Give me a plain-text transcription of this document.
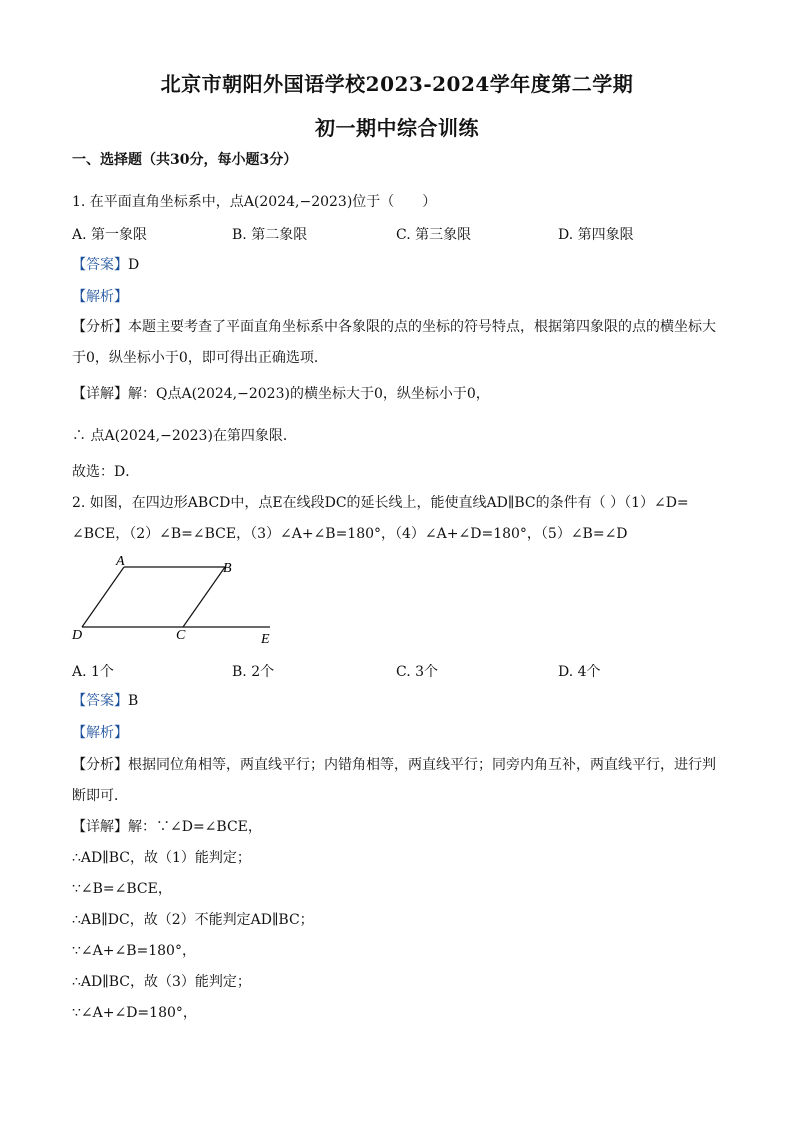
北京市朝阳外国语学校2023-2024学年度第二学期
初一期中综合训练
一、选择题（共30分，每小题3分）
1. 在平面直角坐标系中，点A(2024,−2023)位于（　　）
A. 第一象限	B. 第二象限	C. 第三象限	D. 第四象限
【答案】D
【解析】
【分析】本题主要考查了平面直角坐标系中各象限的点的坐标的符号特点，根据第四象限的点的横坐标大
于0，纵坐标小于0，即可得出正确选项．
【详解】解：Q点A(2024,−2023)的横坐标大于0，纵坐标小于0，
∴ 点A(2024,−2023)在第四象限．
故选：D．
2. 如图，在四边形ABCD中，点E在线段DC的延长线上，能使直线AD∥BC的条件有（ ）（1）∠D=
∠BCE，（2）∠B=∠BCE，（3）∠A+∠B=180°，（4）∠A+∠D=180°，（5）∠B=∠D
A	B
C
D	E
A. 1个	B. 2个	C. 3个	D. 4个
【答案】B
【解析】
【分析】根据同位角相等，两直线平行；内错角相等，两直线平行；同旁内角互补，两直线平行，进行判
断即可．
【详解】解：∵∠D=∠BCE，
∴AD∥BC，故（1）能判定；
∵∠B=∠BCE，
∴AB∥DC，故（2）不能判定AD∥BC；
∵∠A+∠B=180°，
∴AD∥BC，故（3）能判定；
∵∠A+∠D=180°，
